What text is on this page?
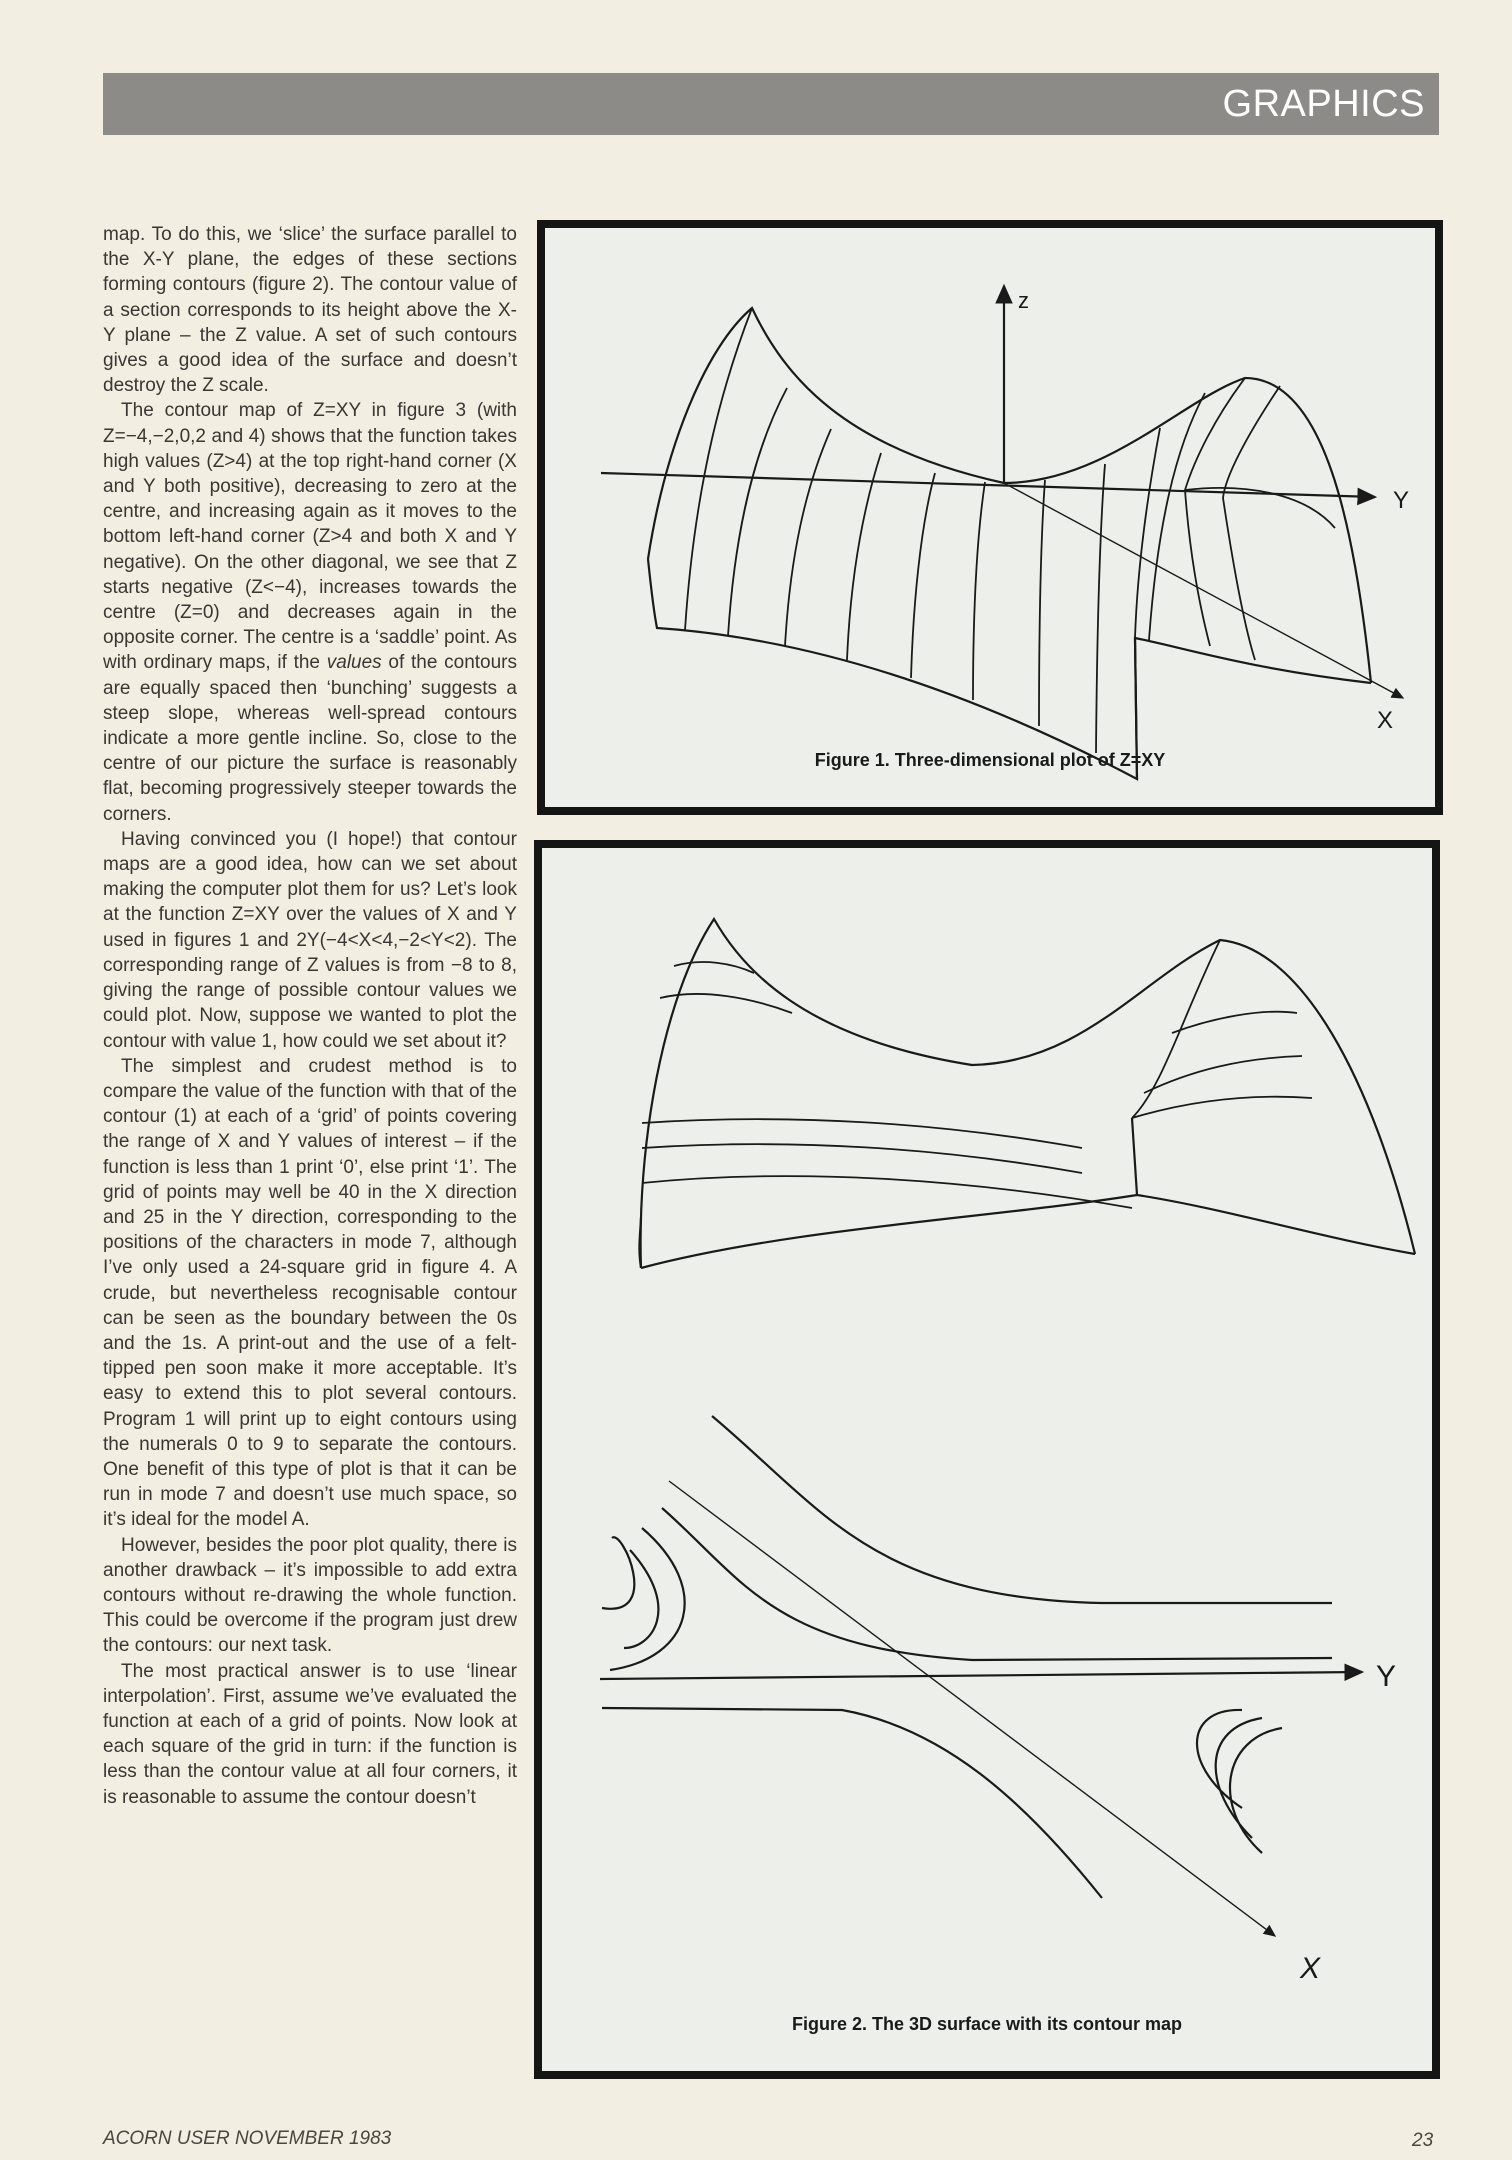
GRAPHICS

map. To do this, we ‘slice’ the surface parallel to the X-Y plane, the edges of these sections forming contours (figure 2). The contour value of a section corresponds to its height above the X-Y plane – the Z value. A set of such contours gives a good idea of the surface and doesn’t destroy the Z scale.

The contour map of Z=XY in figure 3 (with Z=−4,−2,0,2 and 4) shows that the function takes high values (Z>4) at the top right-hand corner (X and Y both positive), decreasing to zero at the centre, and increasing again as it moves to the bottom left-hand corner (Z>4 and both X and Y negative). On the other diagonal, we see that Z starts negative (Z<−4), increases towards the centre (Z=0) and decreases again in the opposite corner. The centre is a ‘saddle’ point. As with ordinary maps, if the values of the contours are equally spaced then ‘bunching’ suggests a steep slope, whereas well-spread contours indicate a more gentle incline. So, close to the centre of our picture the surface is reasonably flat, becoming progressively steeper towards the corners.

Having convinced you (I hope!) that contour maps are a good idea, how can we set about making the computer plot them for us? Let’s look at the function Z=XY over the values of X and Y used in figures 1 and 2Y(−4<X<4,−2<Y<2). The corresponding range of Z values is from −8 to 8, giving the range of possible contour values we could plot. Now, suppose we wanted to plot the contour with value 1, how could we set about it?

The simplest and crudest method is to compare the value of the function with that of the contour (1) at each of a ‘grid’ of points covering the range of X and Y values of interest – if the function is less than 1 print ‘0’, else print ‘1’. The grid of points may well be 40 in the X direction and 25 in the Y direction, corresponding to the positions of the characters in mode 7, although I’ve only used a 24-square grid in figure 4. A crude, but nevertheless recognisable contour can be seen as the boundary between the 0s and the 1s. A print-out and the use of a felt-tipped pen soon make it more acceptable. It’s easy to extend this to plot several contours. Program 1 will print up to eight contours using the numerals 0 to 9 to separate the contours. One benefit of this type of plot is that it can be run in mode 7 and doesn’t use much space, so it’s ideal for the model A.

However, besides the poor plot quality, there is another drawback – it’s impossible to add extra contours without re-drawing the whole function. This could be overcome if the program just drew the contours: our next task.

The most practical answer is to use ‘linear interpolation’. First, assume we’ve evaluated the function at each of a grid of points. Now look at each square of the grid in turn: if the function is less than the contour value at all four corners, it is reasonable to assume the contour doesn’t

z
Y
X
Figure 1. Three-dimensional plot of Z=XY
Y
X
Figure 2. The 3D surface with its contour map
ACORN USER NOVEMBER 1983	23
